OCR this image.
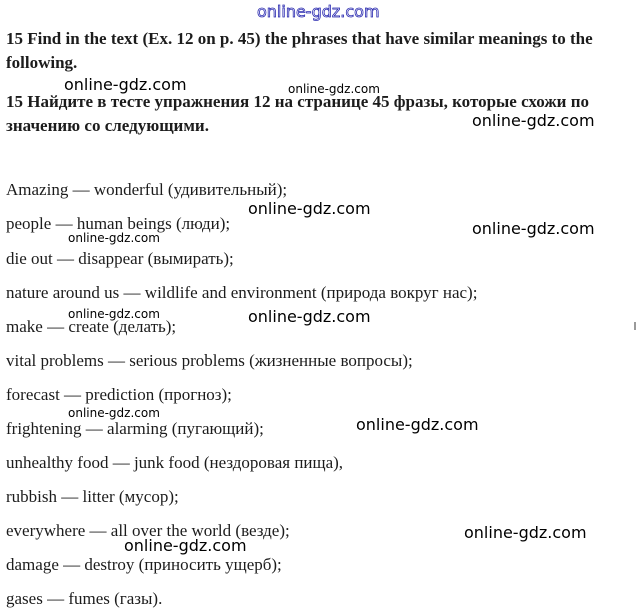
15 Find in the text (Ex. 12 on p. 45) the phrases that have similar meanings to the following.

15 Найдите в тесте упражнения 12 на странице 45 фразы, которые схожи по значению со следующими.

Amazing — wonderful (удивительный);
people — human beings (люди);
die out — disappear (вымирать);
nature around us — wildlife and environment (природа вокруг нас);
make — create (делать);
vital problems — serious problems (жизненные вопросы);
forecast — prediction (прогноз);
frightening — alarming (пугающий);
unhealthy food — junk food (нездоровая пища),
rubbish — litter (мусор);
everywhere — all over the world (везде);
damage — destroy (приносить ущерб);
gases — fumes (газы).
online-gdz.com
online-gdz.com	online-gdz.com
online-gdz.com
online-gdz.com
online-gdz.com
online-gdz.com
online-gdz.com	online-gdz.com
online-gdz.com
online-gdz.com
online-gdz.com
online-gdz.com
